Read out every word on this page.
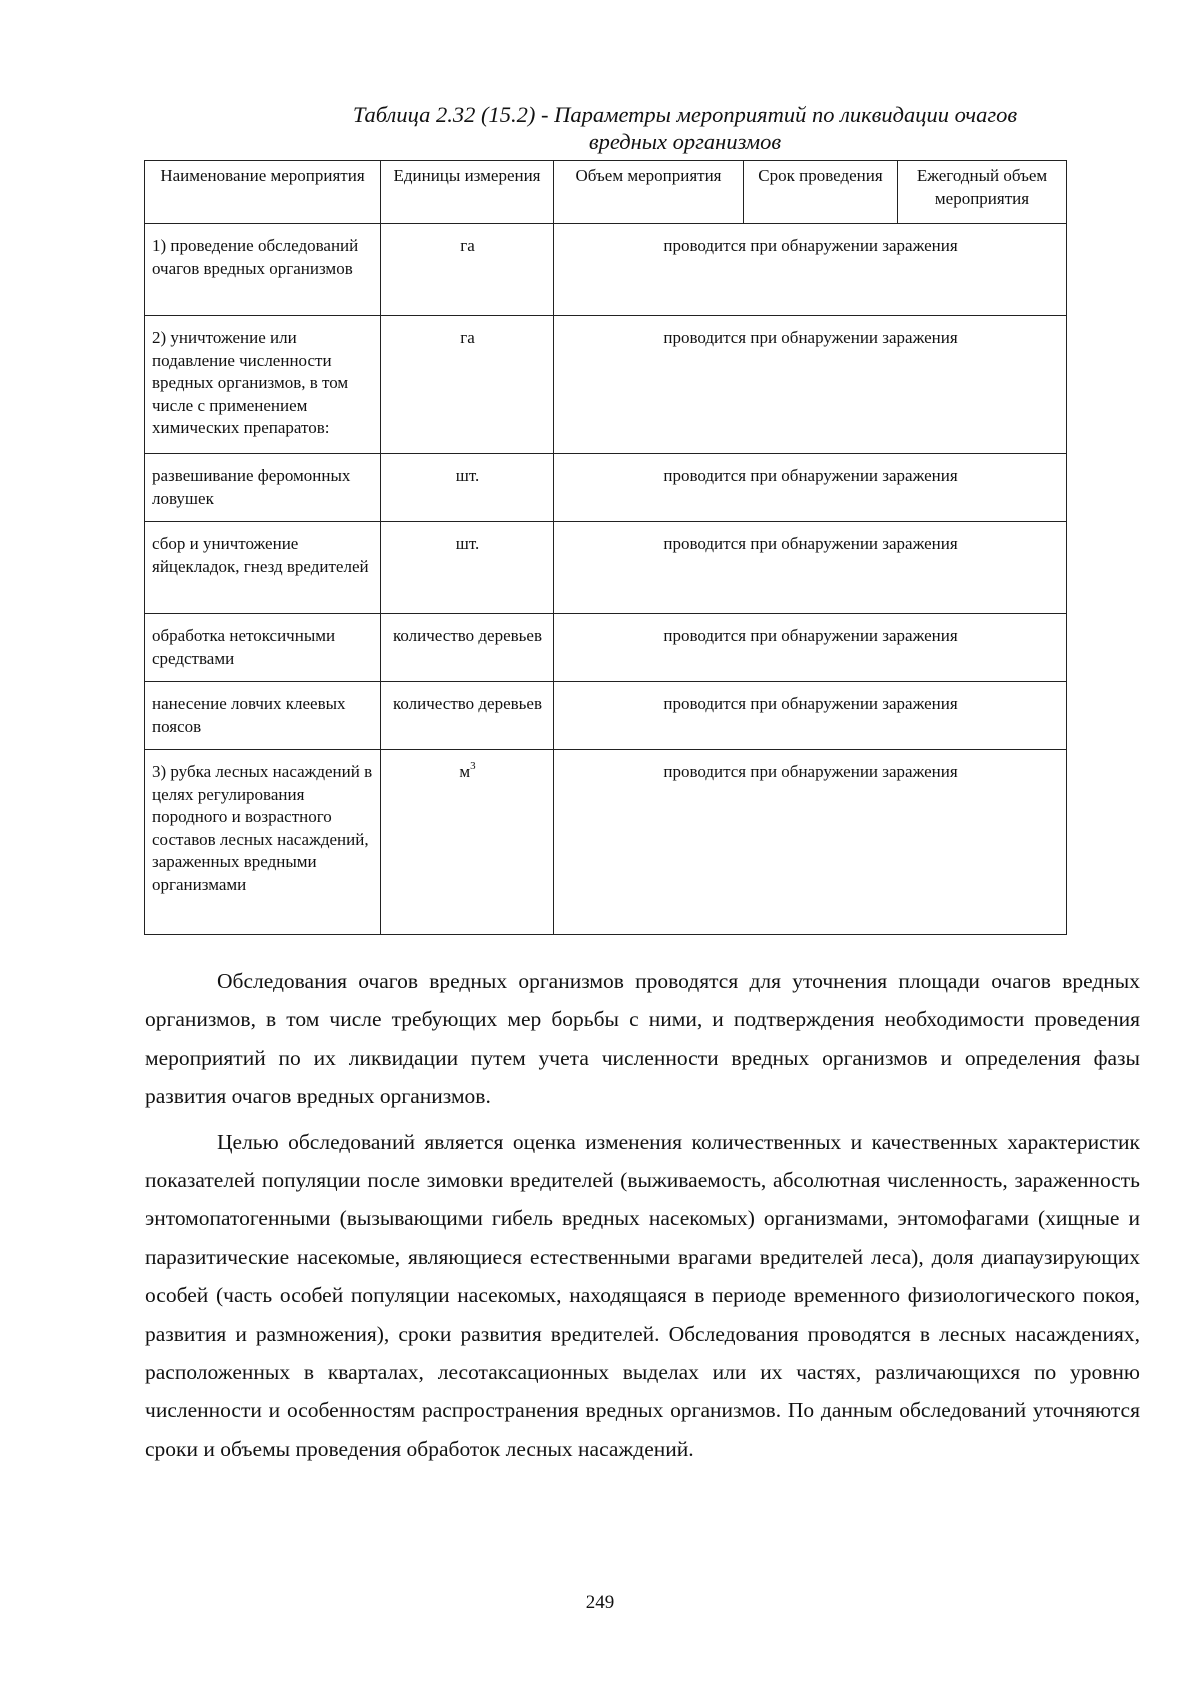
Таблица 2.32 (15.2) - Параметры мероприятий по ликвидации очагов
вредных организмов
Наименование мероприятия	Единицы измерения	Объем мероприятия	Срок проведения	Ежегодный объем мероприятия
1) проведение обследований очагов вредных организмов	га	проводится при обнаружении заражения		
2) уничтожение или подавление численности вредных организмов, в том числе с применением химических препаратов:	га	проводится при обнаружении заражения		
развешивание феромонных ловушек	шт.	проводится при обнаружении заражения		
сбор и уничтожение яйцекладок, гнезд вредителей	шт.	проводится при обнаружении заражения		
обработка нетоксичными средствами	количество деревьев	проводится при обнаружении заражения		
нанесение ловчих клеевых поясов	количество деревьев	проводится при обнаружении заражения		
3) рубка лесных насаждений в целях регулирования породного и возрастного составов лесных насаждений, зараженных вредными организмами	$м^3$	проводится при обнаружении заражения		

Обследования очагов вредных организмов проводятся для уточнения площади очагов вредных организмов, в том числе требующих мер борьбы с ними, и подтверждения необходимости проведения мероприятий по их ликвидации путем учета численности вредных организмов и определения фазы развития очагов вредных организмов.

Целью обследований является оценка изменения количественных и качественных характеристик показателей популяции после зимовки вредителей (выживаемость, абсолютная численность, зараженность энтомопатогенными (вызывающими гибель вредных насекомых) организмами, энтомофагами (хищные и паразитические насекомые, являющиеся естественными врагами вредителей леса), доля диапаузирующих особей (часть особей популяции насекомых, находящаяся в периоде временного физиологического покоя, развития и размножения), сроки развития вредителей. Обследования проводятся в лесных насаждениях, расположенных в кварталах, лесотаксационных выделах или их частях, различающихся по уровню численности и особенностям распространения вредных организмов. По данным обследований уточняются сроки и объемы проведения обработок лесных насаждений.

249
